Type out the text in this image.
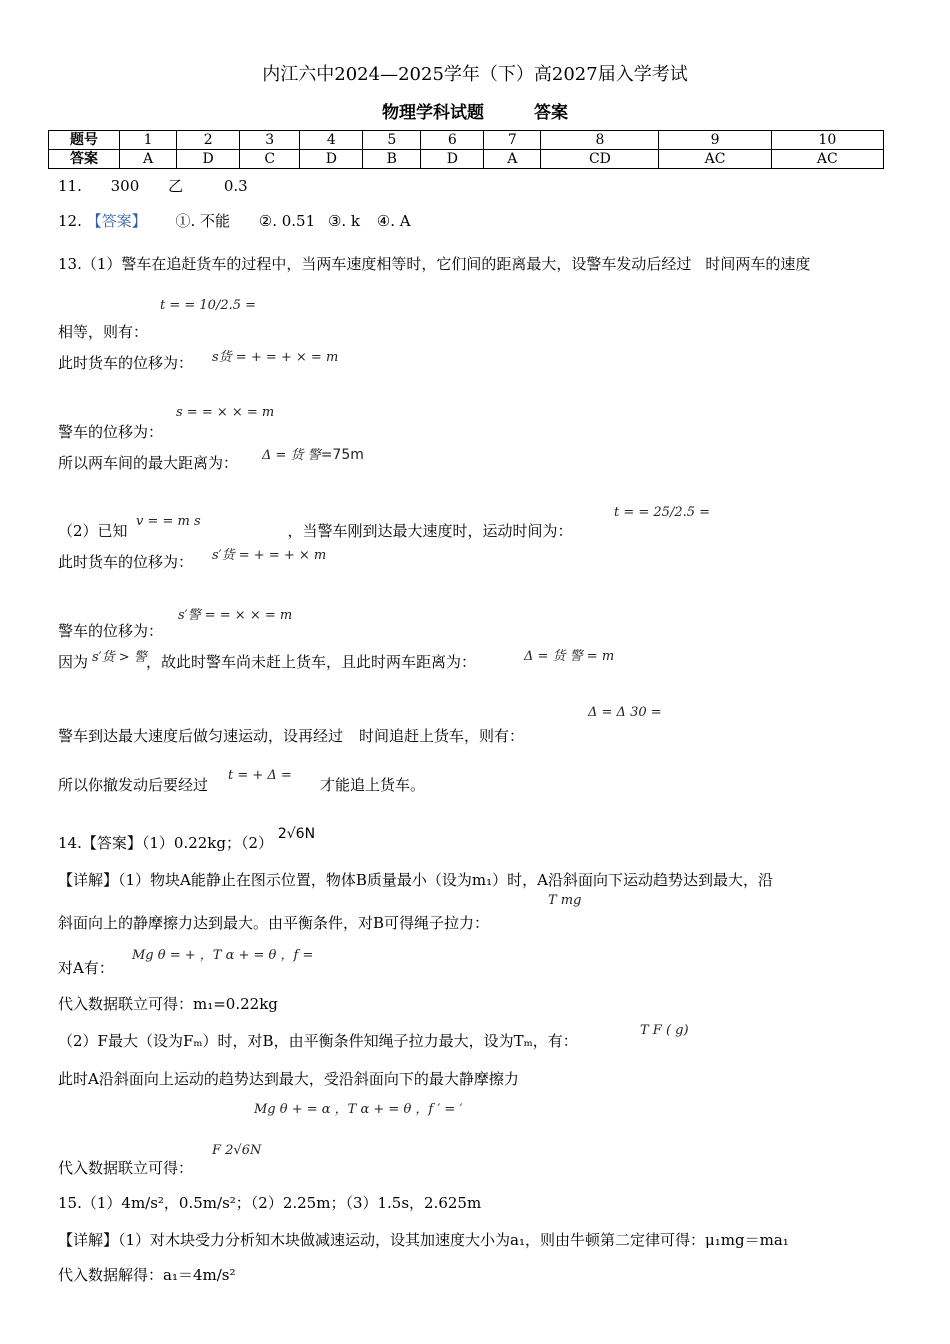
内江六中2024—2025学年（下）高2027届入学考试
物理学科试题	答案
题号	1	2	3	4	5	6	7	8	9	10
答案	A	D	C	D	B	D	A	CD	AC	AC
11. 300 乙	0.3
12. 【答案】 ①. 不能 ②. 0.51 ③. k ④. A
13.（1）警车在追赶货车的过程中，当两车速度相等时，它们间的距离最大，设警车发动后经过 时间两车的速度
t = = 10/2.5 =
相等，则有：
s货 = + = + × = m
此时货车的位移为：
s = = × × = m
警车的位移为：
所以两车间的最大距离为： Δ = 货 警=75m
（2）已知	，当警车刚到达最大速度时，运动时间为：
v = = m s
t = = 25/2.5 =
此时货车的位移为： s′货 = + = + × m
s′警 = = × × = m
警车的位移为：
因为	，故此时警车尚未赶上货车，且此时两车距离为：
s′货 > 警	Δ = 货 警 = m
警车到达最大速度后做匀速运动，设再经过 时间追赶上货车，则有：
Δ = Δ 30 =
所以你撤发动后要经过	才能追上货车。
t = + Δ =
14.【答案】（1）0.22kg；（2） 2√6N
【详解】（1）物块A能静止在图示位置，物体B质量最小（设为m₁）时，A沿斜面向下运动趋势达到最大，沿
斜面向上的静摩擦力达到最大。由平衡条件，对B可得绳子拉力：
T mg
对A有：
Mg θ = + ，T α + = θ ，f =
代入数据联立可得：m₁=0.22kg
（2）F最大（设为Fₘ）时，对B，由平衡条件知绳子拉力最大，设为Tₘ，有：
T F ( g)
此时A沿斜面向上运动的趋势达到最大，受沿斜面向下的最大静摩擦力
Mg θ + = α ，T α + = θ ，f ′ = ′
代入数据联立可得：
F 2√6N
15.（1）4m/s²，0.5m/s²；（2）2.25m；（3）1.5s，2.625m
【详解】（1）对木块受力分析知木块做减速运动，设其加速度大小为a₁，则由牛顿第二定律可得：μ₁mg＝ma₁
代入数据解得：a₁＝4m/s²
